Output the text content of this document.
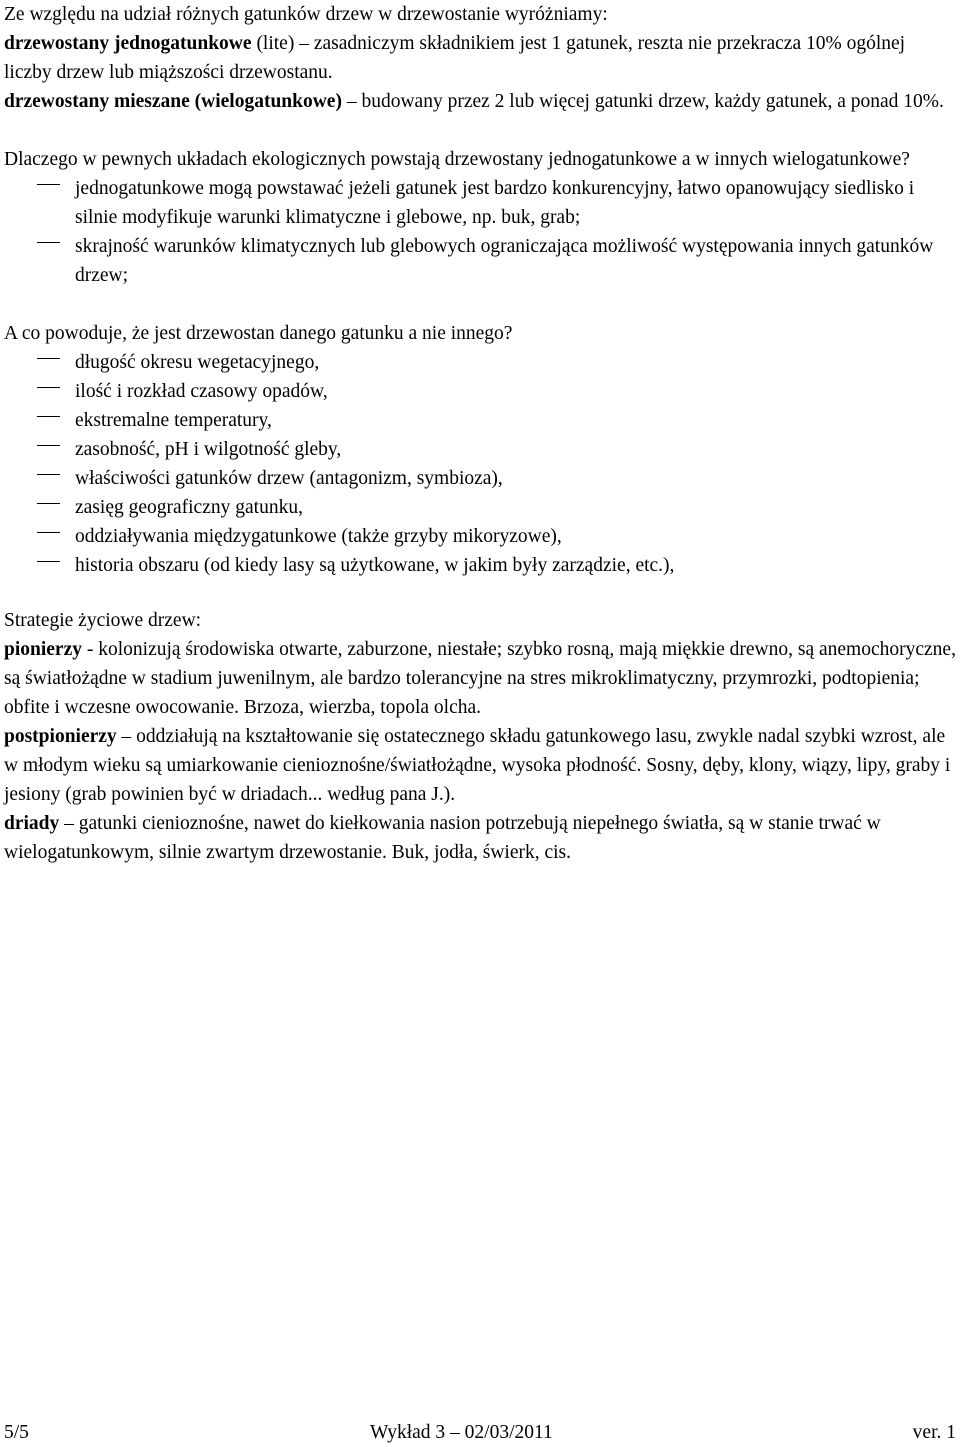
Ze względu na udział różnych gatunków drzew w drzewostanie wyróżniamy:
drzewostany jednogatunkowe (lite) – zasadniczym składnikiem jest 1 gatunek, reszta nie przekracza 10% ogólnej liczby drzew lub miąższości drzewostanu.
drzewostany mieszane (wielogatunkowe) – budowany przez 2 lub więcej gatunki drzew, każdy gatunek, a ponad 10%.

Dlaczego w pewnych układach ekologicznych powstają drzewostany jednogatunkowe a w innych wielogatunkowe?

jednogatunkowe mogą powstawać jeżeli gatunek jest bardzo konkurencyjny, łatwo opanowujący siedlisko i silnie modyfikuje warunki klimatyczne i glebowe, np. buk, grab;
skrajność warunków klimatycznych lub glebowych ograniczająca możliwość występowania innych gatunków drzew;

A co powoduje, że jest drzewostan danego gatunku a nie innego?

długość okresu wegetacyjnego,
ilość i rozkład czasowy opadów,
ekstremalne temperatury,
zasobność, pH i wilgotność gleby,
właściwości gatunków drzew (antagonizm, symbioza),
zasięg geograficzny gatunku,
oddziaływania międzygatunkowe (także grzyby mikoryzowe),
historia obszaru (od kiedy lasy są użytkowane, w jakim były zarządzie, etc.),

Strategie życiowe drzew:

pionierzy - kolonizują środowiska otwarte, zaburzone, niestałe; szybko rosną, mają miękkie drewno, są anemochoryczne, są światłożądne w stadium juwenilnym, ale bardzo tolerancyjne na stres mikroklimatyczny, przymrozki, podtopienia; obfite i wczesne owocowanie. Brzoza, wierzba, topola olcha.

postpionierzy – oddziałują na kształtowanie się ostatecznego składu gatunkowego lasu, zwykle nadal szybki wzrost, ale w młodym wieku są umiarkowanie cienioznośne/światłożądne, wysoka płodność. Sosny, dęby, klony, wiązy, lipy, graby i jesiony (grab powinien być w driadach... według pana J.).

driady – gatunki cienioznośne, nawet do kiełkowania nasion potrzebują niepełnego światła, są w stanie trwać w wielogatunkowym, silnie zwartym drzewostanie. Buk, jodła, świerk, cis.

5/5	Wykład 3 – 02/03/2011	ver. 1
